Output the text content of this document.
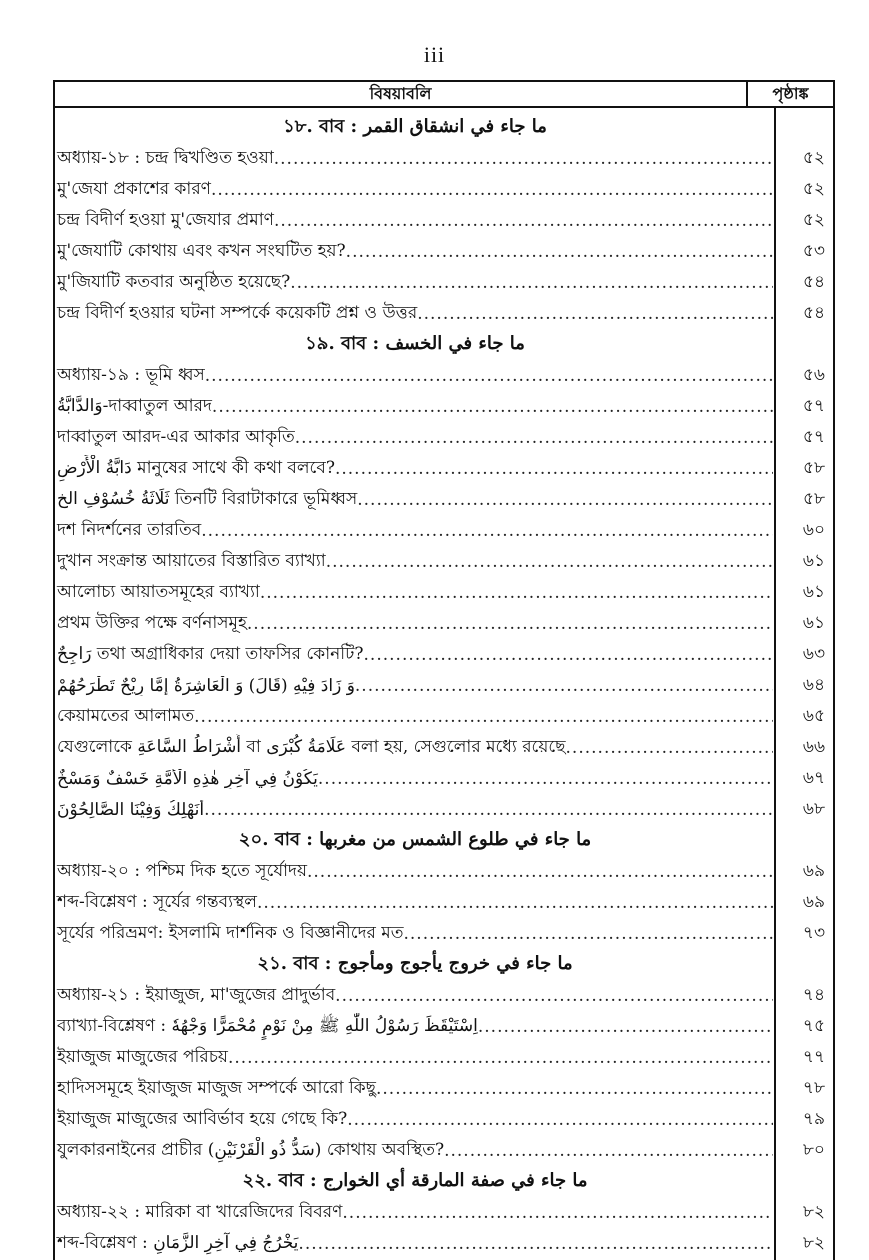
iii
বিষয়াবলি	পৃষ্ঠাঙ্ক
১৮. বাব : ما جاء في انشقاق القمر
অধ্যায়-১৮ : চন্দ্র দ্বিখণ্ডিত হওয়া .....	৫২
মু'জেযা প্রকাশের কারণ .....	৫২
চন্দ্র বিদীর্ণ হওয়া মু'জেযার প্রমাণ .....	৫২
মু'জেযাটি কোথায় এবং কখন সংঘটিত হয়? .....	৫৩
মু'জিযাটি কতবার অনুষ্ঠিত হয়েছে? .....	৫৪
চন্দ্র বিদীর্ণ হওয়ার ঘটনা সম্পর্কে কয়েকটি প্রশ্ন ও উত্তর .....	৫৪
১৯. বাব : ما جاء في الخسف
অধ্যায়-১৯ : ভূমি ধ্বস .....	৫৬
وَالدَّابَّةُ-দাব্বাতুল আরদ .....	৫৭
দাব্বাতুল আরদ-এর আকার আকৃতি .....	৫৭
دَابَّةُ الْأَرْضِ মানুষের সাথে কী কথা বলবে? .....	৫৮
ثَلَاثَةُ خُسُوْفِ الخ তিনটি বিরাটাকারে ভূমিধ্বস .....	৫৮
দশ নিদর্শনের তারতিব .....	৬০
দুখান সংক্রান্ত আয়াতের বিস্তারিত ব্যাখ্যা .....	৬১
আলোচ্য আয়াতসমূহের ব্যাখ্যা .....	৬১
প্রথম উক্তির পক্ষে বর্ণনাসমূহ .....	৬১
رَاجِحٌ তথা অগ্রাধিকার দেয়া তাফসির কোনটি? .....	৬৩
وَ زَادَ فِيْهِ (قَالَ) وَ الْعَاشِرَةُ إِمَّا رِيْحٌ تَطْرَحُهُمْ .....	৬৪
কেয়ামতের আলামত .....	৬৫
যেগুলোকে أَشْرَاطُ السَّاعَةِ বা عَلَامَةُ كُبْرَى বলা হয়, সেগুলোর মধ্যে রয়েছে .....	৬৬
يَكُوْنُ فِي آخِرِ هٰذِهِ الْأُمَّةِ خَسْفٌ وَمَسْخٌ .....	৬৭
أَنَهْلِكُ وَفِيْنَا الصَّالِحُوْنَ .....	৬৮
২০. বাব : ما جاء في طلوع الشمس من مغربها
অধ্যায়-২০ : পশ্চিম দিক হতে সূর্যোদয় .....	৬৯
শব্দ-বিশ্লেষণ : সূর্যের গন্তব্যস্থল .....	৬৯
সূর্যের পরিভ্রমণ: ইসলামি দার্শনিক ও বিজ্ঞানীদের মত .....	৭৩
২১. বাব : ما جاء في خروج يأجوج ومأجوج
অধ্যায়-২১ : ইয়াজুজ, মা'জুজের প্রাদুর্ভাব .....	৭৪
ব্যাখ্যা-বিশ্লেষণ : اِسْتَيْقَظَ رَسُوْلُ اللّٰهِ ﷺ مِنْ نَوْمٍ مُحْمَرًّا وَجْهُهٗ .....	৭৫
ইয়াজুজ মাজুজের পরিচয় .....	৭৭
হাদিসসমূহে ইয়াজুজ মাজুজ সম্পর্কে আরো কিছু .....	৭৮
ইয়াজুজ মাজুজের আবির্ভাব হয়ে গেছে কি? .....	৭৯
যুলকারনাইনের প্রাচীর (سَدُّ ذُو الْقَرْنَيْنِ) কোথায় অবস্থিত? .....	৮০
২২. বাব : ما جاء في صفة المارقة أي الخوارج
অধ্যায়-২২ : মারিকা বা খারেজিদের বিবরণ .....	৮২
শব্দ-বিশ্লেষণ : يَخْرُجُ فِي آخِرِ الزَّمَانِ .....	৮২
